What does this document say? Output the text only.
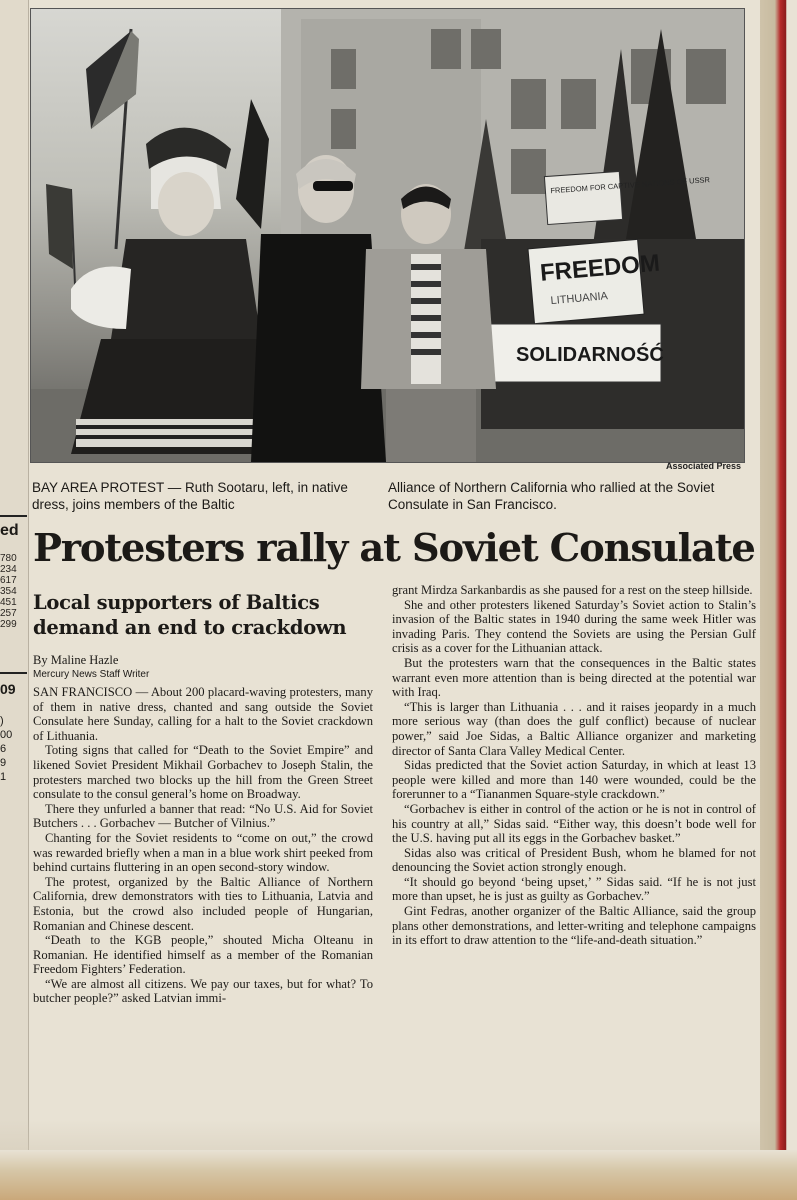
ed
780
234
617
354
451
257
299
09
)
00
6
9
1
FREEDOM FOR CAPTIVE NATIONS OF USSR
FREEDOM
LITHUANIA
SOLIDARNOŚĆ
Associated Press
BAY AREA PROTEST — Ruth Sootaru, left, in native dress, joins members of the Baltic
Alliance of Northern California who rallied at the Soviet Consulate in San Francisco.
Protesters rally at Soviet Consulate
Local supporters of Baltics demand an end to crackdown
By Maline Hazle
Mercury News Staff Writer

SAN FRANCISCO — About 200 placard-waving protesters, many of them in native dress, chanted and sang outside the Soviet Consulate here Sunday, calling for a halt to the Soviet crackdown of Lithuania.

Toting signs that called for “Death to the Soviet Empire” and likened Soviet President Mikhail Gorbachev to Joseph Stalin, the protesters marched two blocks up the hill from the Green Street consulate to the consul general’s home on Broadway.

There they unfurled a banner that read: “No U.S. Aid for Soviet Butchers . . . Gorbachev — Butcher of Vilnius.”

Chanting for the Soviet residents to “come on out,” the crowd was rewarded briefly when a man in a blue work shirt peeked from behind curtains fluttering in an open second-story window.

The protest, organized by the Baltic Alliance of Northern California, drew demonstrators with ties to Lithuania, Latvia and Estonia, but the crowd also included people of Hungarian, Romanian and Chinese descent.

“Death to the KGB people,” shouted Micha Olteanu in Romanian. He identified himself as a member of the Romanian Freedom Fighters’ Federation.

“We are almost all citizens. We pay our taxes, but for what? To butcher people?” asked Latvian immi-

grant Mirdza Sarkanbardis as she paused for a rest on the steep hillside.

She and other protesters likened Saturday’s Soviet action to Stalin’s invasion of the Baltic states in 1940 during the same week Hitler was invading Paris. They contend the Soviets are using the Persian Gulf crisis as a cover for the Lithuanian attack.

But the protesters warn that the consequences in the Baltic states warrant even more attention than is being directed at the potential war with Iraq.

“This is larger than Lithuania . . . and it raises jeopardy in a much more serious way (than does the gulf conflict) because of nuclear power,” said Joe Sidas, a Baltic Alliance organizer and marketing director of Santa Clara Valley Medical Center.

Sidas predicted that the Soviet action Saturday, in which at least 13 people were killed and more than 140 were wounded, could be the forerunner to a “Tiananmen Square-style crackdown.”

“Gorbachev is either in control of the action or he is not in control of his country at all,” Sidas said. “Either way, this doesn’t bode well for the U.S. having put all its eggs in the Gorbachev basket.”

Sidas also was critical of President Bush, whom he blamed for not denouncing the Soviet action strongly enough.

“It should go beyond ‘being upset,’ ” Sidas said. “If he is not just more than upset, he is just as guilty as Gorbachev.”

Gint Fedras, another organizer of the Baltic Alliance, said the group plans other demonstrations, and letter-writing and telephone campaigns in its effort to draw attention to the “life-and-death situation.”
